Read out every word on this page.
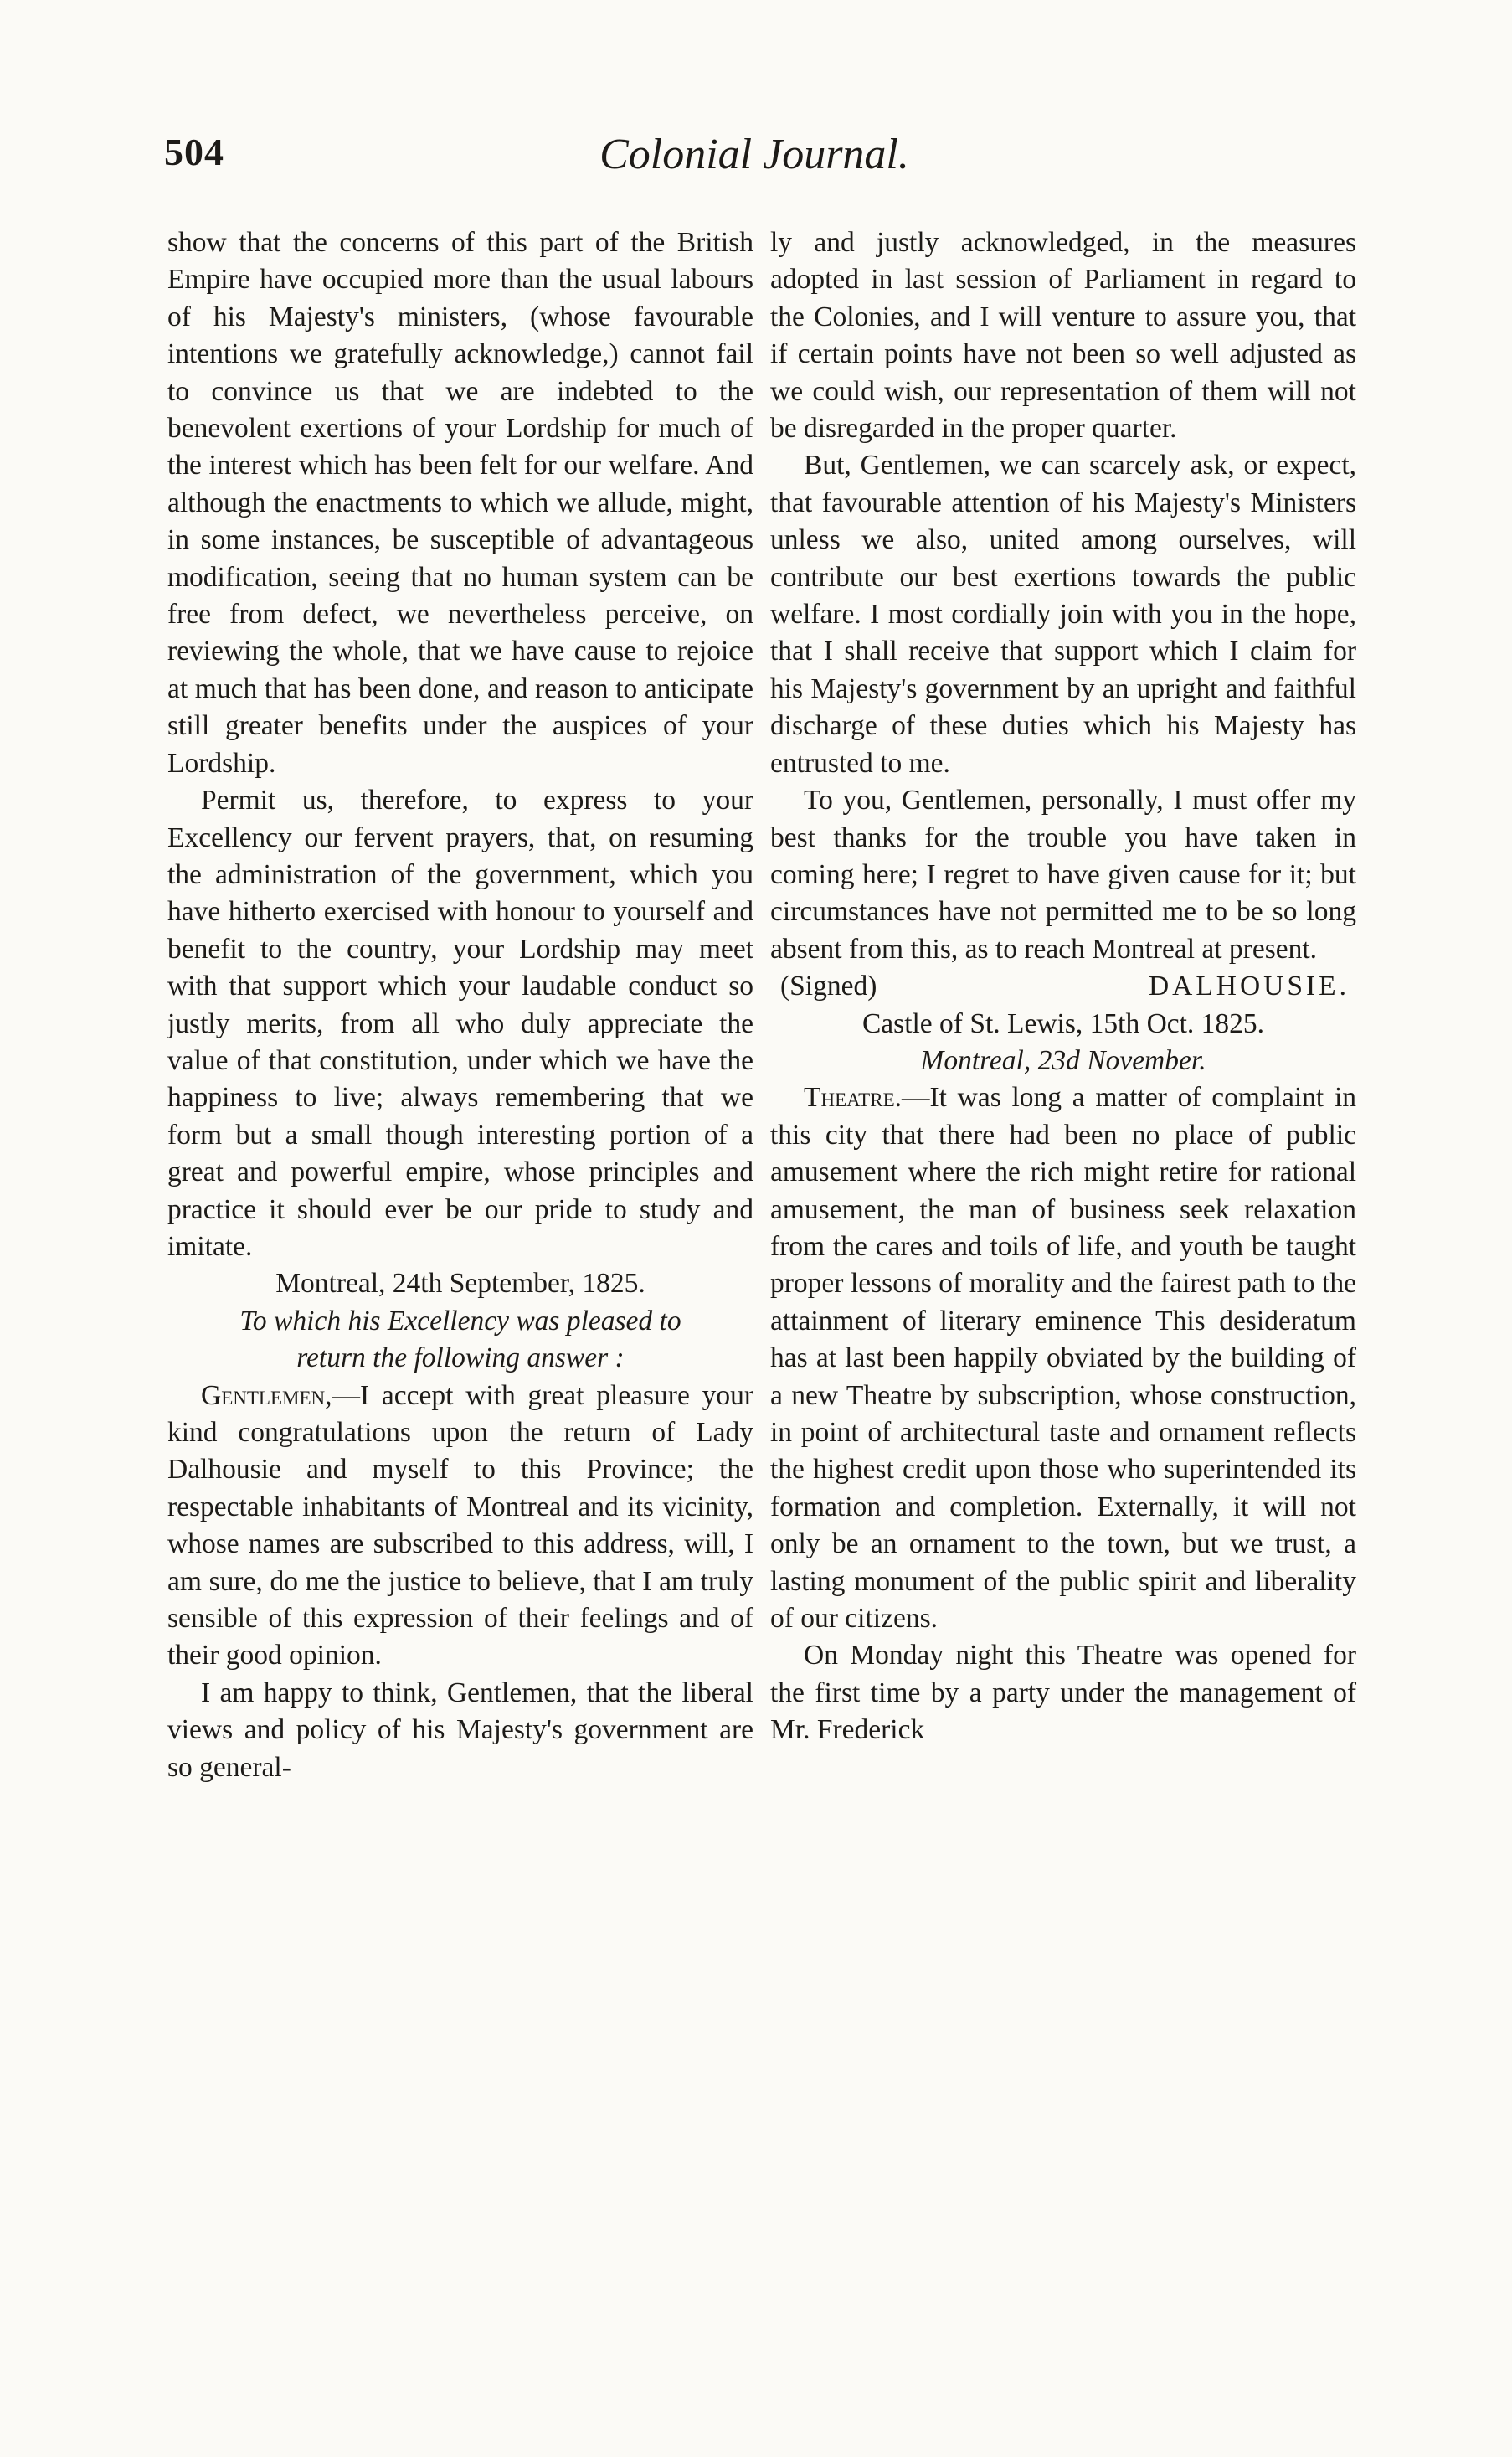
504	Colonial Journal.

show that the concerns of this part of the British Empire have occupied more than the usual labours of his Majesty's ministers, (whose favourable intentions we gratefully acknowledge,) cannot fail to convince us that we are indebted to the benevolent exertions of your Lordship for much of the interest which has been felt for our welfare. And although the enactments to which we allude, might, in some instances, be susceptible of advantageous modification, seeing that no human system can be free from defect, we nevertheless perceive, on reviewing the whole, that we have cause to rejoice at much that has been done, and reason to anticipate still greater benefits under the auspices of your Lordship.

Permit us, therefore, to express to your Excellency our fervent prayers, that, on resuming the administration of the government, which you have hitherto exercised with honour to yourself and benefit to the country, your Lordship may meet with that support which your laudable conduct so justly merits, from all who duly appreciate the value of that constitution, under which we have the happiness to live; always remembering that we form but a small though interesting portion of a great and powerful empire, whose principles and practice it should ever be our pride to study and imitate.

Montreal, 24th September, 1825.

To which his Excellency was pleased to

return the following answer :

Gentlemen,—I accept with great pleasure your kind congratulations upon the return of Lady Dalhousie and myself to this Province; the respectable inhabitants of Montreal and its vicinity, whose names are subscribed to this address, will, I am sure, do me the justice to believe, that I am truly sensible of this expression of their feelings and of their good opinion.

I am happy to think, Gentlemen, that the liberal views and policy of his Majesty's government are so general-

ly and justly acknowledged, in the measures adopted in last session of Parliament in regard to the Colonies, and I will venture to assure you, that if certain points have not been so well adjusted as we could wish, our representation of them will not be disregarded in the proper quarter.

But, Gentlemen, we can scarcely ask, or expect, that favourable attention of his Majesty's Ministers unless we also, united among ourselves, will contribute our best exertions towards the public welfare. I most cordially join with you in the hope, that I shall receive that support which I claim for his Majesty's government by an upright and faithful discharge of these duties which his Majesty has entrusted to me.

To you, Gentlemen, personally, I must offer my best thanks for the trouble you have taken in coming here; I regret to have given cause for it; but circumstances have not permitted me to be so long absent from this, as to reach Montreal at present.

(Signed)	DALHOUSIE.

Castle of St. Lewis, 15th Oct. 1825.

Montreal, 23d November.

Theatre.—It was long a matter of complaint in this city that there had been no place of public amusement where the rich might retire for rational amusement, the man of business seek relaxation from the cares and toils of life, and youth be taught proper lessons of morality and the fairest path to the attainment of literary eminence This desideratum has at last been happily obviated by the building of a new Theatre by subscription, whose construction, in point of architectural taste and ornament reflects the highest credit upon those who superintended its formation and completion. Externally, it will not only be an ornament to the town, but we trust, a lasting monument of the public spirit and liberality of our citizens.

On Monday night this Theatre was opened for the first time by a party under the management of Mr. Frederick
